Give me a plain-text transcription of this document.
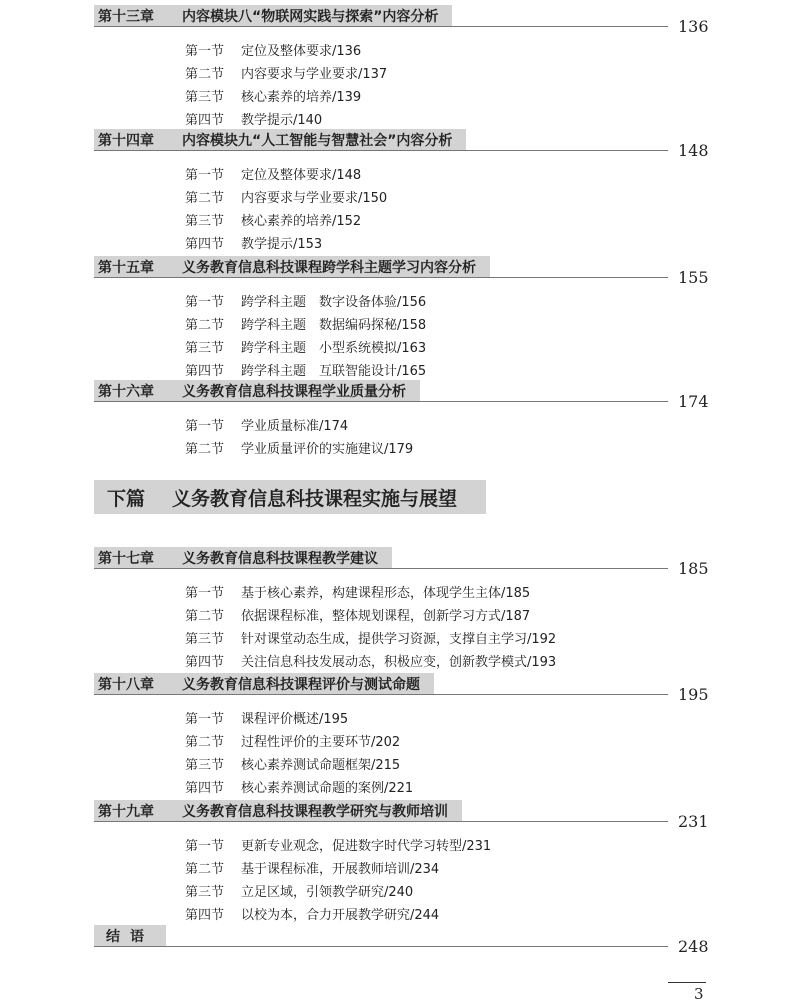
第十三章	内容模块八“物联网实践与探索”内容分析	136
第一节 定位及整体要求/136
第二节 内容要求与学业要求/137
第三节 核心素养的培养/139
第四节 教学提示/140
第十四章	内容模块九“人工智能与智慧社会”内容分析	148
第一节 定位及整体要求/148
第二节 内容要求与学业要求/150
第三节 核心素养的培养/152
第四节 教学提示/153
第十五章	义务教育信息科技课程跨学科主题学习内容分析	155
第一节 跨学科主题　数字设备体验/156
第二节 跨学科主题　数据编码探秘/158
第三节 跨学科主题　小型系统模拟/163
第四节 跨学科主题　互联智能设计/165
第十六章	义务教育信息科技课程学业质量分析	174
第一节 学业质量标准/174
第二节 学业质量评价的实施建议/179
第十七章	义务教育信息科技课程教学建议	185
第一节 基于核心素养，构建课程形态，体现学生主体/185
第二节 依据课程标准，整体规划课程，创新学习方式/187
第三节 针对课堂动态生成，提供学习资源，支撑自主学习/192
第四节 关注信息科技发展动态，积极应变，创新教学模式/193
第十八章	义务教育信息科技课程评价与测试命题	195
第一节 课程评价概述/195
第二节 过程性评价的主要环节/202
第三节 核心素养测试命题框架/215
第四节 核心素养测试命题的案例/221
第十九章	义务教育信息科技课程教学研究与教师培训	231
第一节 更新专业观念，促进数字时代学习转型/231
第二节 基于课程标准，开展教师培训/234
第三节 立足区域，引领教学研究/240
第四节 以校为本，合力开展教学研究/244
下篇	义务教育信息科技课程实施与展望
结语	248
3
